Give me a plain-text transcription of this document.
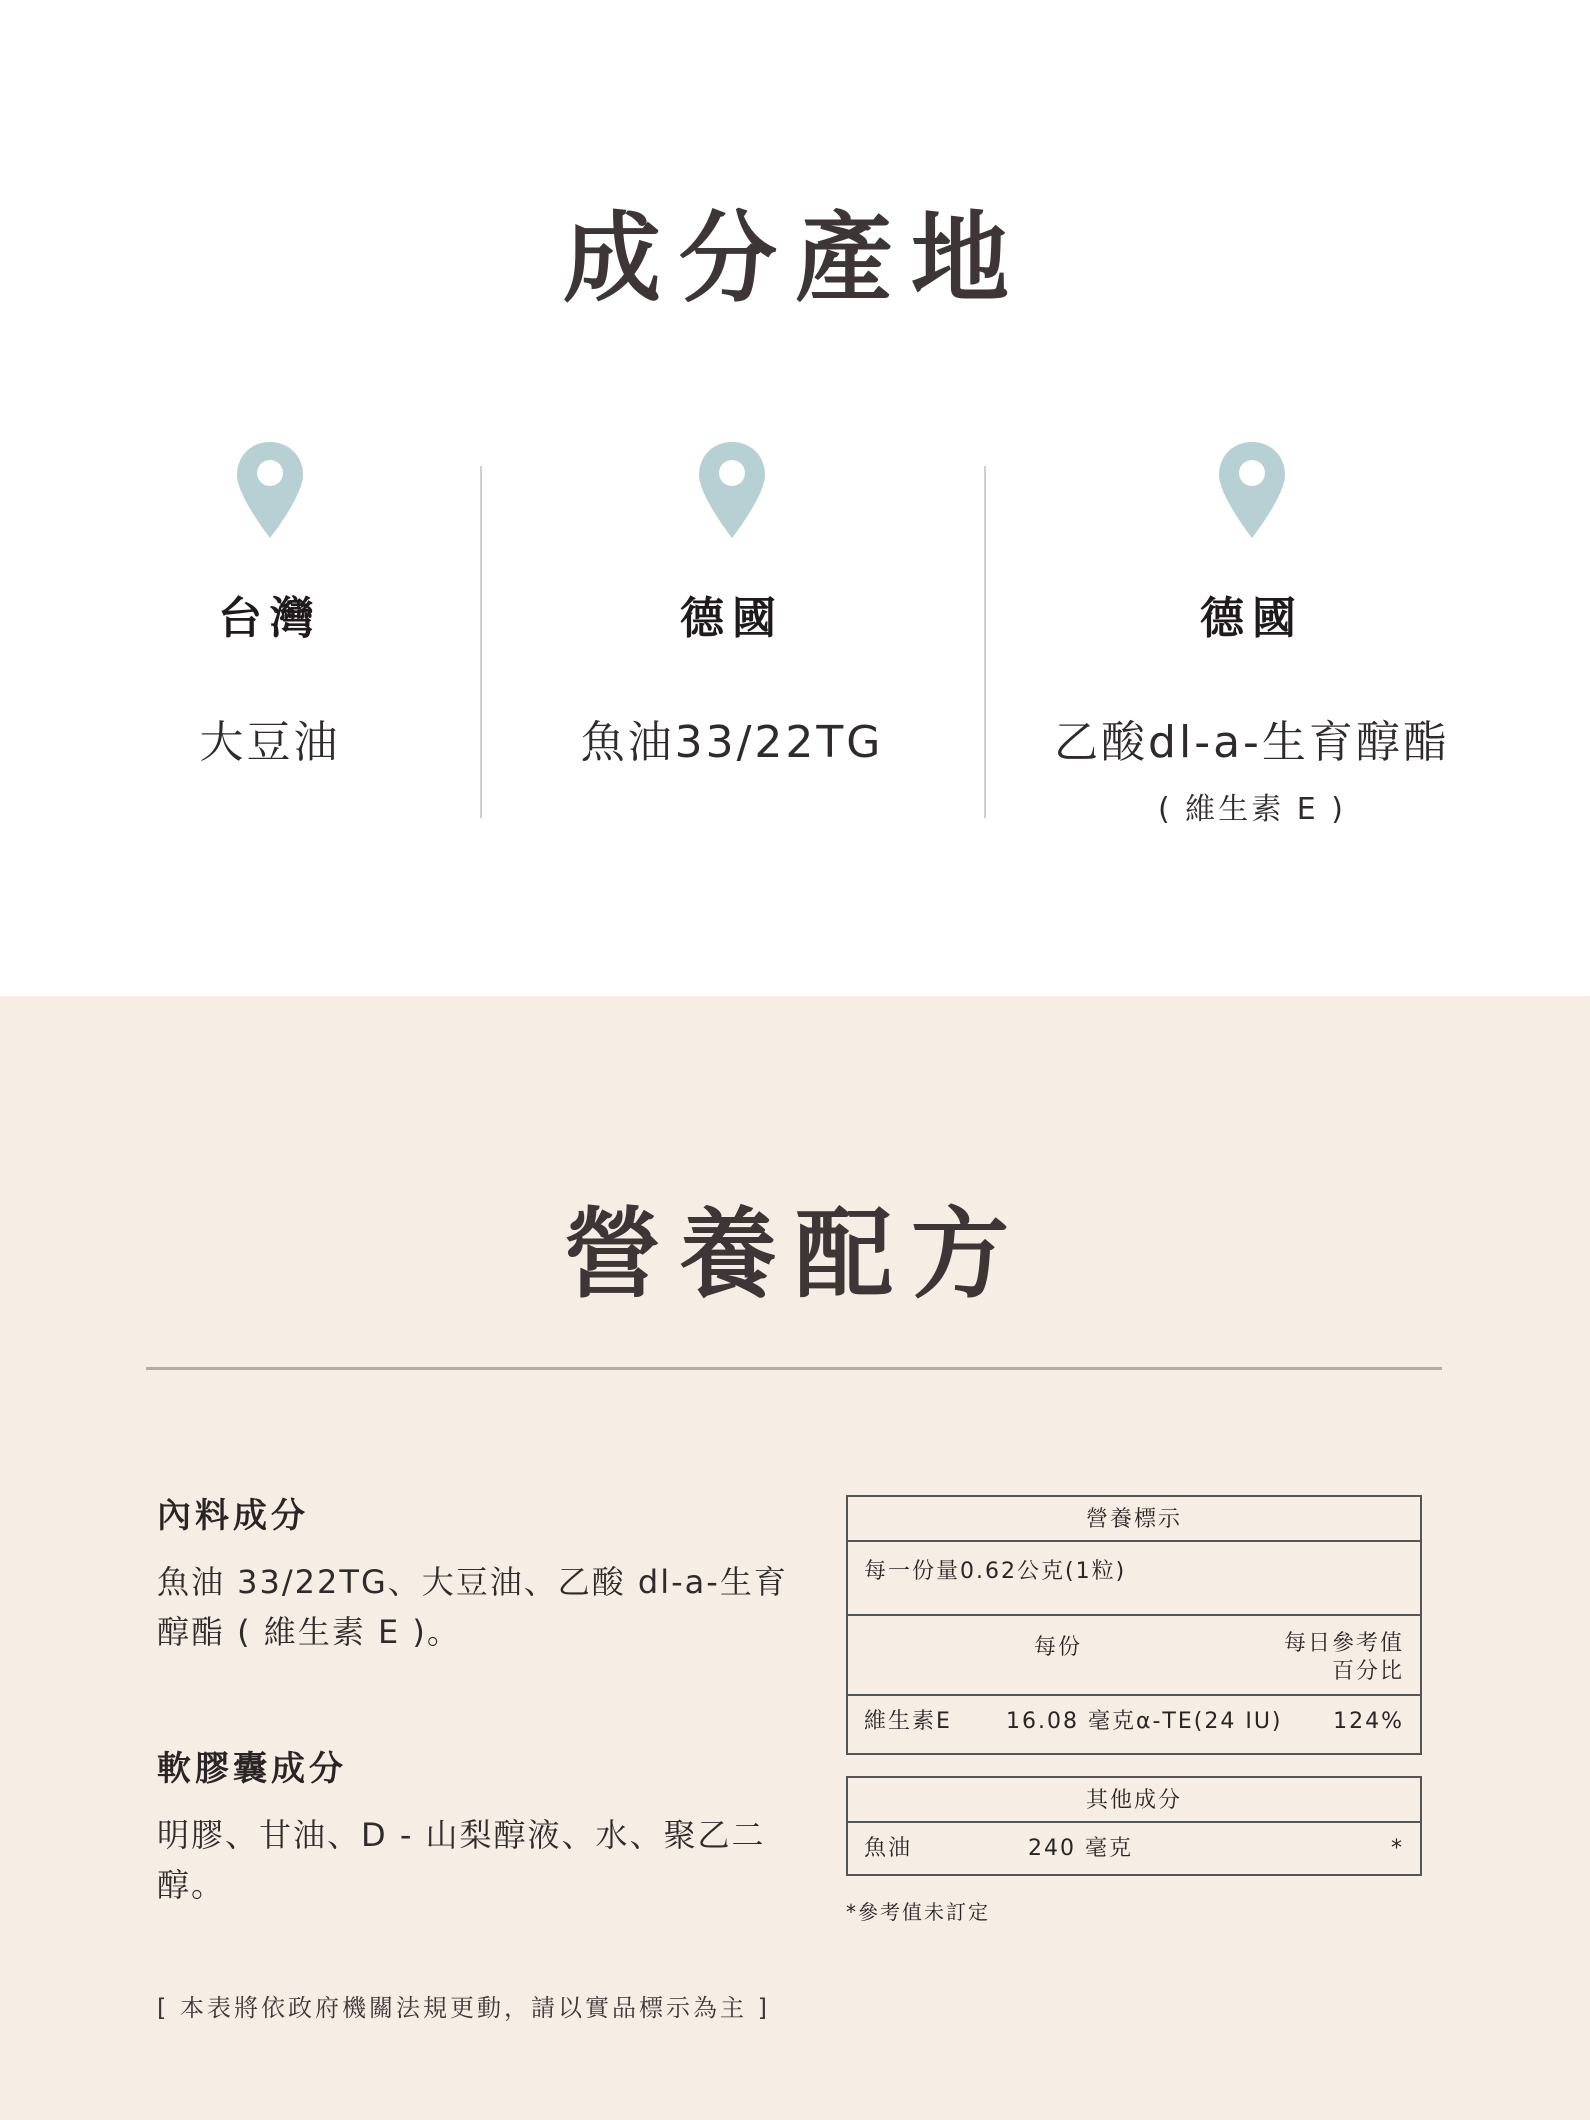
成分產地
台灣
大豆油
德國
魚油33/22TG
德國
乙酸dl-a-生育醇酯
( 維生素 E )
營養配方
內料成分
魚油 33/22TG、大豆油、乙酸 dl-a-生育醇酯 ( 維生素 E )。
軟膠囊成分
明膠、甘油、D - 山梨醇液、水、聚乙二醇。
[ 本表將依政府機關法規更動，請以實品標示為主 ]
營養標示
每一份量0.62公克(1粒)
每份	每日參考值
百分比
維生素E 16.08 毫克α-TE(24 IU) 124%
其他成分
魚油	240 毫克	*
*參考值未訂定
